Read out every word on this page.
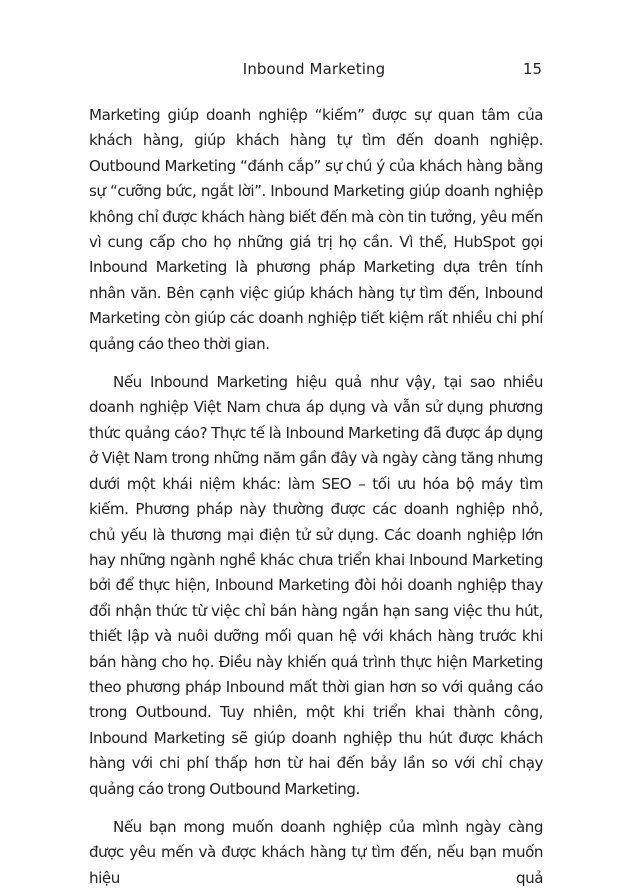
Inbound Marketing	15

Marketing giúp doanh nghiệp “kiếm” được sự quan tâm của khách hàng, giúp khách hàng tự tìm đến doanh nghiệp. Outbound Marketing “đánh cắp” sự chú ý của khách hàng bằng sự “cưỡng bức, ngắt lời”. Inbound Marketing giúp doanh nghiệp không chỉ được khách hàng biết đến mà còn tin tưởng, yêu mến vì cung cấp cho họ những giá trị họ cần. Vì thế, HubSpot gọi Inbound Marketing là phương pháp Marketing dựa trên tính nhân văn. Bên cạnh việc giúp khách hàng tự tìm đến, Inbound Marketing còn giúp các doanh nghiệp tiết kiệm rất nhiều chi phí quảng cáo theo thời gian.

Nếu Inbound Marketing hiệu quả như vậy, tại sao nhiều doanh nghiệp Việt Nam chưa áp dụng và vẫn sử dụng phương thức quảng cáo? Thực tế là Inbound Marketing đã được áp dụng ở Việt Nam trong những năm gần đây và ngày càng tăng nhưng dưới một khái niệm khác: làm SEO – tối ưu hóa bộ máy tìm kiếm. Phương pháp này thường được các doanh nghiệp nhỏ, chủ yếu là thương mại điện tử sử dụng. Các doanh nghiệp lớn hay những ngành nghề khác chưa triển khai Inbound Marketing bởi để thực hiện, Inbound Marketing đòi hỏi doanh nghiệp thay đổi nhận thức từ việc chỉ bán hàng ngắn hạn sang việc thu hút, thiết lập và nuôi dưỡng mối quan hệ với khách hàng trước khi bán hàng cho họ. Điều này khiến quá trình thực hiện Marketing theo phương pháp Inbound mất thời gian hơn so với quảng cáo trong Outbound. Tuy nhiên, một khi triển khai thành công, Inbound Marketing sẽ giúp doanh nghiệp thu hút được khách hàng với chi phí thấp hơn từ hai đến bảy lần so với chỉ chạy quảng cáo trong Outbound Marketing.

Nếu bạn mong muốn doanh nghiệp của mình ngày càng được yêu mến và được khách hàng tự tìm đến, nếu bạn muốn hiệu quả
